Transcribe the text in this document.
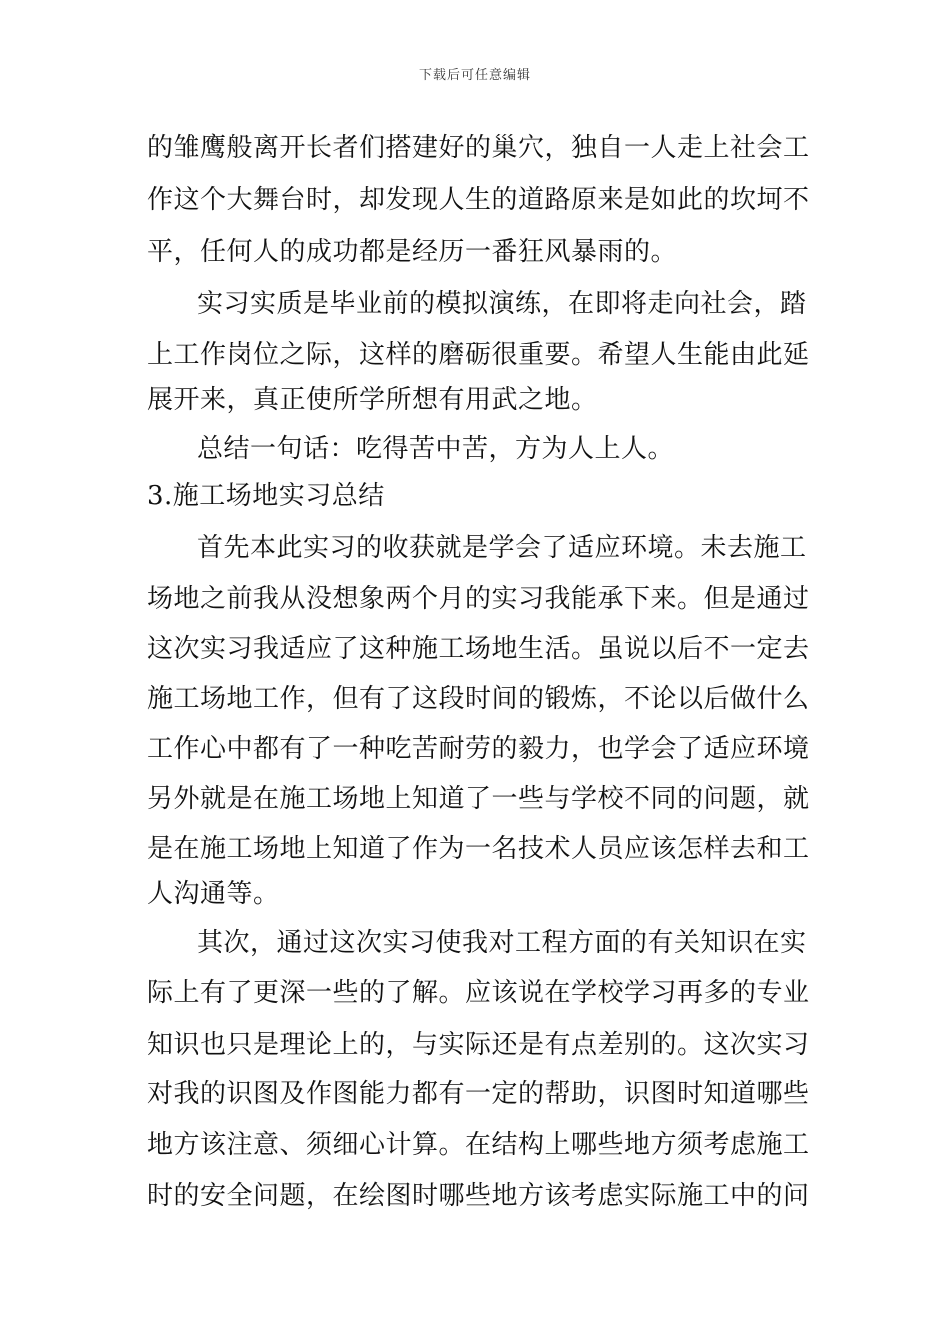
下载后可任意编辑
的雏鹰般离开长者们搭建好的巢穴，独自一人走上社会工
作这个大舞台时，却发现人生的道路原来是如此的坎坷不
平，任何人的成功都是经历一番狂风暴雨的。
实习实质是毕业前的模拟演练，在即将走向社会，踏
上工作岗位之际，这样的磨砺很重要。希望人生能由此延
展开来，真正使所学所想有用武之地。
总结一句话：吃得苦中苦，方为人上人。
3.施工场地实习总结
首先本此实习的收获就是学会了适应环境。未去施工
场地之前我从没想象两个月的实习我能承下来。但是通过
这次实习我适应了这种施工场地生活。虽说以后不一定去
施工场地工作，但有了这段时间的锻炼，不论以后做什么
工作心中都有了一种吃苦耐劳的毅力，也学会了适应环境
另外就是在施工场地上知道了一些与学校不同的问题，就
是在施工场地上知道了作为一名技术人员应该怎样去和工
人沟通等。
其次，通过这次实习使我对工程方面的有关知识在实
际上有了更深一些的了解。应该说在学校学习再多的专业
知识也只是理论上的，与实际还是有点差别的。这次实习
对我的识图及作图能力都有一定的帮助，识图时知道哪些
地方该注意、须细心计算。在结构上哪些地方须考虑施工
时的安全问题，在绘图时哪些地方该考虑实际施工中的问
